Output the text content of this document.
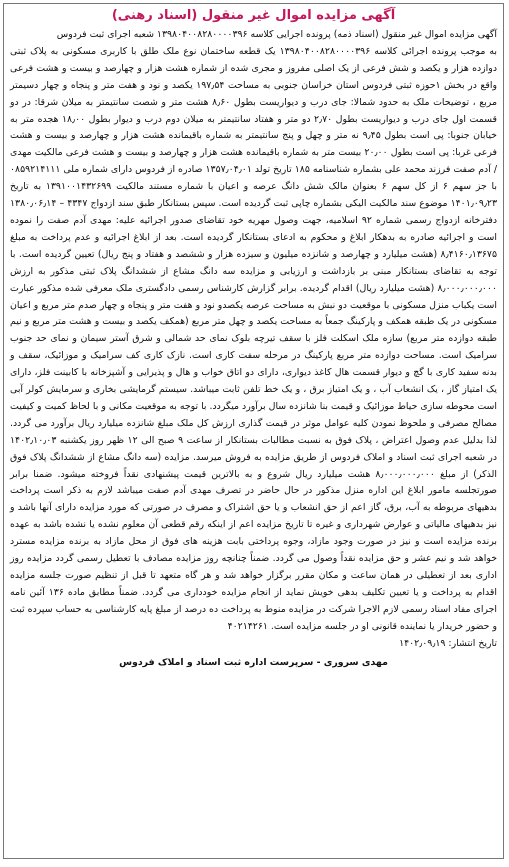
آگهی مزایده اموال غیر منقول (اسناد رهنی)

آگهی مزایده اموال غیر منقول (اسناد ذمه) پرونده اجرایی کلاسه ۱۳۹۸۰۴۰۰۸۲۸۰۰۰۰۳۹۶ شعبه اجرای ثبت فردوس

به موجب پرونده اجرائی کلاسه ۱۳۹۸۰۴۰۰۸۲۸۰۰۰۰۳۹۶ یک قطعه ساختمان نوع ملک طلق با کاربری مسکونی به پلاک ثبتی دوازده هزار و یکصد و شش فرعی از یک اصلی مفروز و مجری شده از شماره هشت هزار و چهارصد و بیست و هشت فرعی واقع در بخش ۱حوزه ثبتی فردوس استان خراسان جنوبی به مساحت ۱۹۷٫۵۴ یکصد و نود و هفت متر و پنجاه و چهار دسیمتر مربع ، توضیحات ملک به حدود شمالا: جای درب و دیواریست بطول ۸٫۶۰ هشت متر و شصت سانتیمتر به میلان شرقا: در دو قسمت اول جای درب و دیواریست بطول ۲٫۷۰ دو متر و هفتاد سانتیمتر به میلان دوم درب و دیوار بطول ۱۸٫۰۰ هجده متر به خیابان جنوبا: پی است بطول ۹٫۴۵ نه متر و چهل و پنج سانتیمتر به شماره باقیمانده هشت هزار و چهارصد و بیست و هشت فرعی غربا: پی است بطول ۲۰٫۰۰ بیست متر به شماره باقیمانده هشت هزار و چهارصد و بیست و هشت فرعی مالکیت مهدی / آدم صفت فرزند محمد علی بشماره شناسنامه ۱۸۵ تاریخ تولد ۱۳۵۷٫۰۴٫۰۱ صادره از فردوس دارای شماره ملی ۰۸۵۹۲۱۴۱۱۱ با جز سهم ۶ از کل سهم ۶ بعنوان مالک شش دانگ عرصه و اعیان با شماره مستند مالکیت ۱۳۹۱۰۰۱۴۳۲۶۹۹ به تاریخ ۱۴۰۱٫۰۹٫۲۳ موضوع سند مالکیت الیکی بشماره چاپی ثبت گردیده است. سپس بستانکار طبق سند ازدواج ۴۳۴۷ – ۱۳۸۰٫۰۶٫۱۴ دفترخانه ازدواج رسمی شماره ۹۲ اسلامیه، جهت وصول مهریه خود تقاضای صدور اجرائیه علیه: مهدی آدم صفت را نموده است و اجرائیه صادره به بدهکار ابلاغ و محکوم به ادعای بستانکار گردیده است. بعد از ابلاغ اجرائیه و عدم پرداخت به مبلغ ۸٫۴۱۶۰٫۱۳۶۷۵ (هشت میلیارد و چهارصد و شانزده میلیون و سیزده هزار و ششصد و هفتاد و پنج ریال) تعیین گردیده است. با توجه به تقاضای بستانکار مبنی بر بازداشت و ارزیابی و مزایده سه دانگ مشاع از ششدانگ پلاک ثبتی مذکور به ارزش ۸٫۰۰۰٫۰۰۰٫۰۰۰ (هشت میلیارد ریال) اقدام گردیده. برابر گزارش کارشناس رسمی دادگستری ملک معرفی شده مذکور عبارت است یکباب منزل مسکونی با موقعیت دو نبش به مساحت عرصه یکصدو نود و هفت متر و پنجاه و چهار صدم متر مربع و اعیان مسکونی در یک طبقه همکف و پارکینگ جمعاً به مساحت یکصد و چهل متر مربع (همکف یکصد و بیست و هشت متر مربع و نیم طبقه دوازده متر مربع) سازه ملک اسکلت فلز با سقف تیرچه بلوک نمای حد شمالی و شرق آستر سیمان و نمای حد جنوب سرامیک است. مساحت دوازده متر مربع پارکینگ در مرحله سفت کاری است. نازک کاری کف سرامیک و موزائیک، سقف و بدنه سفید کاری با گچ و دیوار قسمت هال کاغذ دیواری، دارای دو اتاق خواب و هال و پذیرایی و آشپزخانه با کابینت فلز، دارای یک امتیاز گاز ، یک انشعاب آب ، و یک امتیاز برق ، و یک خط تلفن ثابت میباشد. سیستم گرمایشی بخاری و سرمایش کولر آبی است محوطه سازی حیاط موزائیک و قیمت بنا شانزده سال برآورد میگردد. با توجه به موقعیت مکانی و با لحاظ کمیت و کیفیت مصالح مصرفی و ملحوظ نمودن کلیه عوامل موثر در قیمت گذاری ارزش کل ملک مبلغ شانزده میلیارد ریال برآورد می گردد. لذا بدلیل عدم وصول اعتراض ، پلاک فوق به نسبت مطالبات بستانکار از ساعت ۹ صبح الی ۱۲ ظهر روز یکشنبه ۱۴۰۲٫۱۰٫۰۳ در شعبه اجرای ثبت اسناد و املاک فردوس از طریق مزایده به فروش میرسد. مزایده (سه دانگ مشاع از ششدانگ پلاک فوق الذکر) از مبلغ ۸٫۰۰۰٫۰۰۰٫۰۰۰ هشت میلیارد ریال شروع و به بالاترین قیمت پیشنهادی نقداً فروخته میشود. ضمنا برابر صورتجلسه مامور ابلاغ این اداره منزل مذکور در حال حاضر در تصرف مهدی آدم صفت میباشد لازم به ذکر است پرداخت بدهیهای مربوطه به آب، برق، گاز اعم از حق انشعاب و یا حق اشتراک و مصرف در صورتی که مورد مزایده دارای آنها باشد و نیز بدهیهای مالیاتی و عوارض شهرداری و غیره تا تاریخ مزایده اعم از اینکه رقم قطعی آن معلوم نشده یا نشده باشد به عهده برنده مزایده است و نیز در صورت وجود مازاد، وجوه پرداختی بابت هزینه های فوق از محل مازاد به برنده مزایده مسترد خواهد شد و نیم عشر و حق مزایده نقداً وصول می گردد. ضمناً چنانچه روز مزایده مصادف با تعطیل رسمی گردد مزایده روز اداری بعد از تعطیلی در همان ساعت و مکان مقرر برگزار خواهد شد و هر گاه متعهد تا قبل از تنظیم صورت جلسه مزایده اقدام به پرداخت و یا تعیین تکلیف بدهی خویش نماید از انجام مزایده خودداری می گردد. ضمناً مطابق ماده ۱۳۶ آئین نامه اجرای مفاد اسناد رسمی لازم الاجرا شرکت در مزایده منوط به پرداخت ده درصد از مبلغ پایه کارشناسی به حساب سپرده ثبت و حضور خریدار یا نماینده قانونی او در جلسه مزایده است. ۴۰۲۱۴۲۶۱

تاریخ انتشار: ۱۴۰۲٫۰۹٫۱۹

مهدی سروری - سرپرست اداره ثبت اسناد و املاک فردوس
